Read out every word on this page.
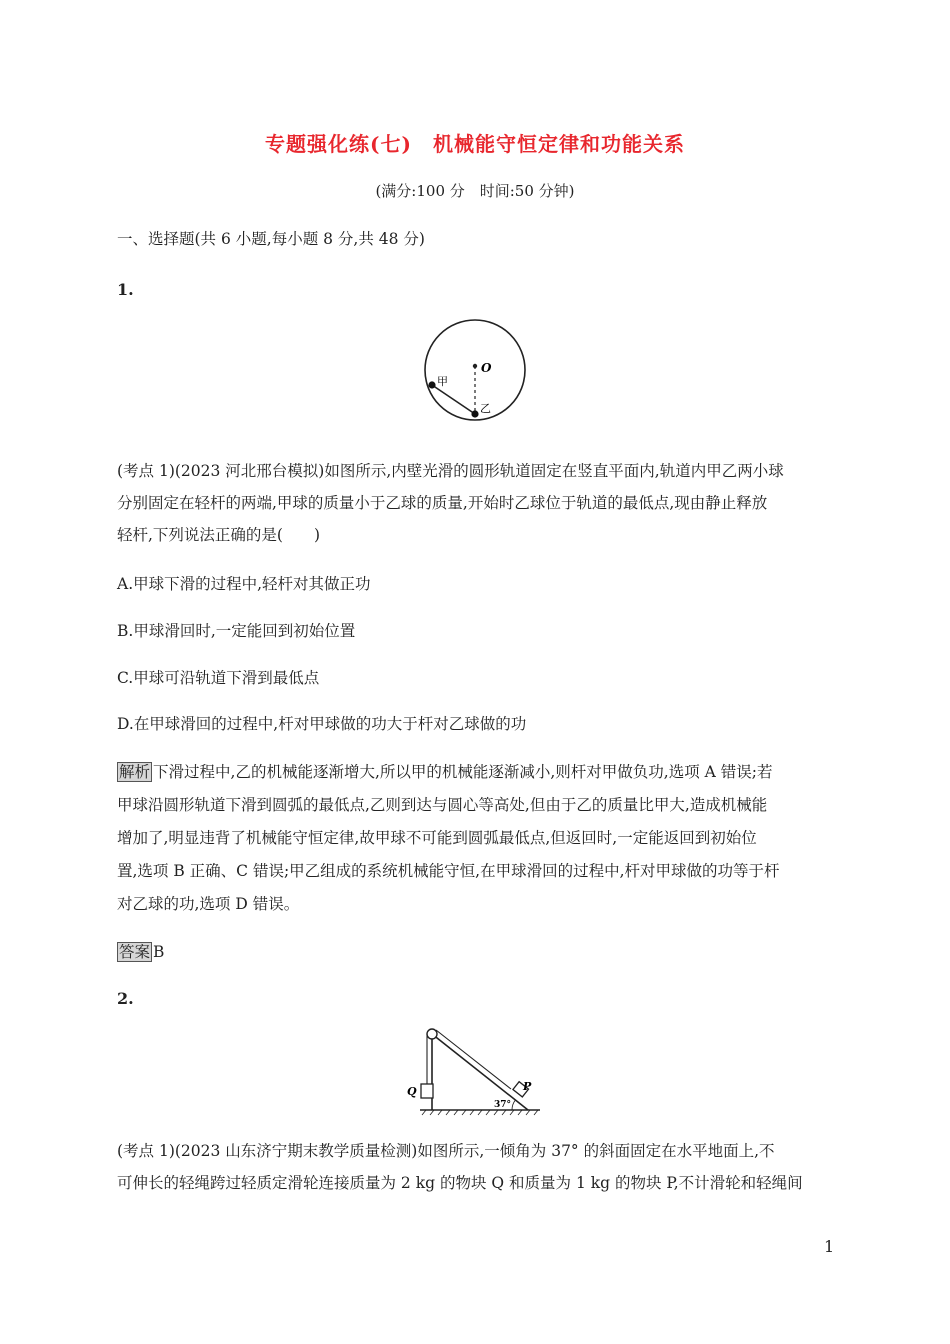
专题强化练(七)　机械能守恒定律和功能关系
(满分:100 分　时间:50 分钟)
一、选择题(共 6 小题,每小题 8 分,共 48 分)
1.
O
甲
乙
(考点 1)(2023 河北邢台模拟)如图所示,内壁光滑的圆形轨道固定在竖直平面内,轨道内甲乙两小球
分别固定在轻杆的两端,甲球的质量小于乙球的质量,开始时乙球位于轨道的最低点,现由静止释放
轻杆,下列说法正确的是(　　)
A.甲球下滑的过程中,轻杆对其做正功
B.甲球滑回时,一定能回到初始位置
C.甲球可沿轨道下滑到最低点
D.在甲球滑回的过程中,杆对甲球做的功大于杆对乙球做的功
解析 下滑过程中,乙的机械能逐渐增大,所以甲的机械能逐渐减小,则杆对甲做负功,选项 A 错误;若
甲球沿圆形轨道下滑到圆弧的最低点,乙则到达与圆心等高处,但由于乙的质量比甲大,造成机械能
增加了,明显违背了机械能守恒定律,故甲球不可能到圆弧最低点,但返回时,一定能返回到初始位
置,选项 B 正确、C 错误;甲乙组成的系统机械能守恒,在甲球滑回的过程中,杆对甲球做的功等于杆
对乙球的功,选项 D 错误。
答案 B
2.
Q	P
37°
(考点 1)(2023 山东济宁期末教学质量检测)如图所示,一倾角为 37° 的斜面固定在水平地面上,不
可伸长的轻绳跨过轻质定滑轮连接质量为 2 kg 的物块 Q 和质量为 1 kg 的物块 P,不计滑轮和轻绳间
1
